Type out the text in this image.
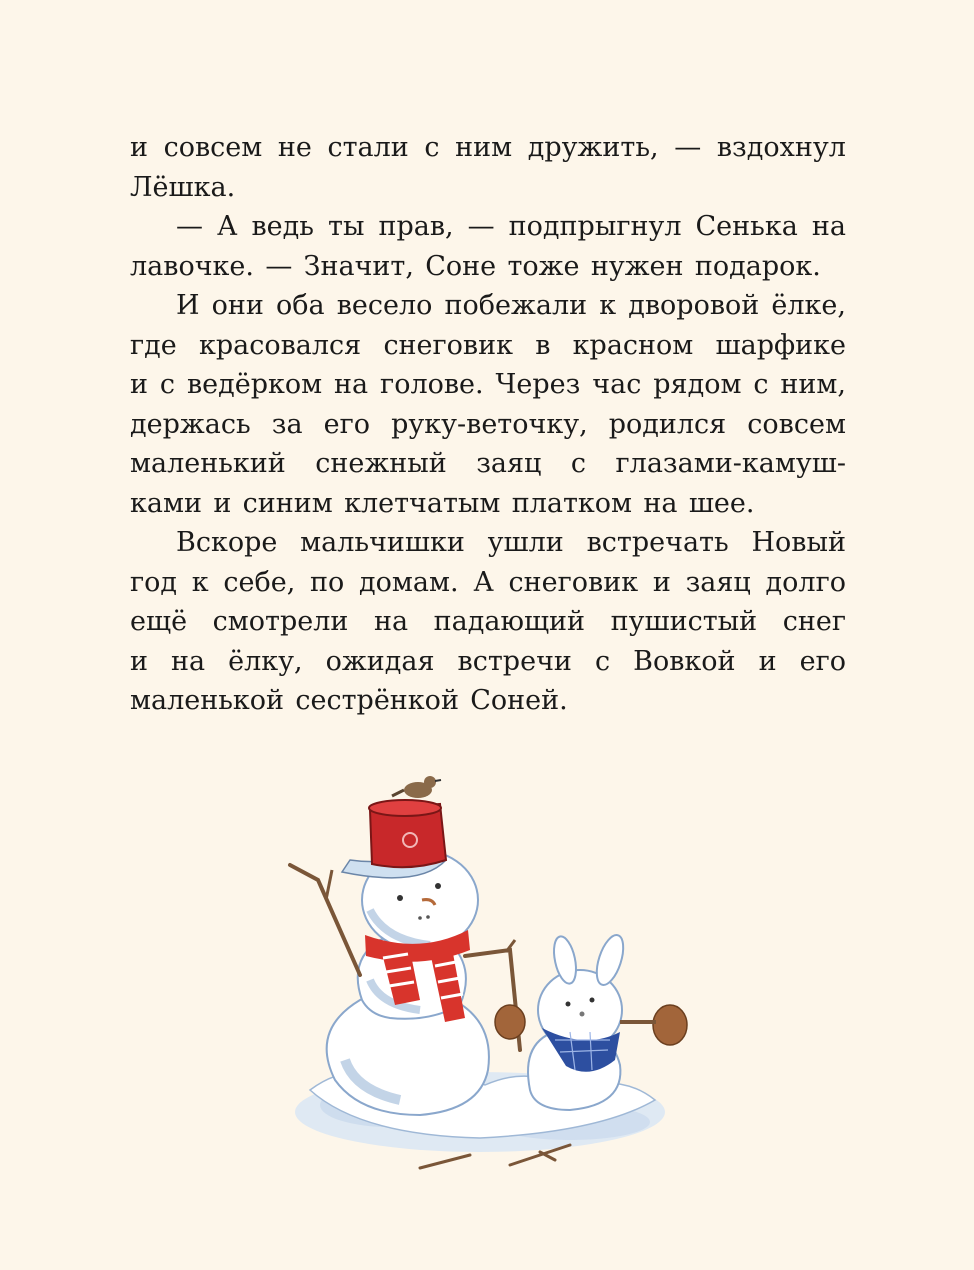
и совсем не стали с ним дружить, — вздохнул
Лёшка.
— А ведь ты прав, — подпрыгнул Сенька на
лавочке. — Значит, Соне тоже нужен подарок.
И они оба весело побежали к дворовой ёлке,
где красовался снеговик в красном шарфике
и с ведёрком на голове. Через час рядом с ним,
держась за его руку-веточку, родился совсем
маленький снежный заяц с глазами-камуш-
ками и синим клетчатым платком на шее.
Вскоре мальчишки ушли встречать Новый
год к себе, по домам. А снеговик и заяц долго
ещё смотрели на падающий пушистый снег
и на ёлку, ожидая встречи с Вовкой и его
маленькой сестрёнкой Соней.
